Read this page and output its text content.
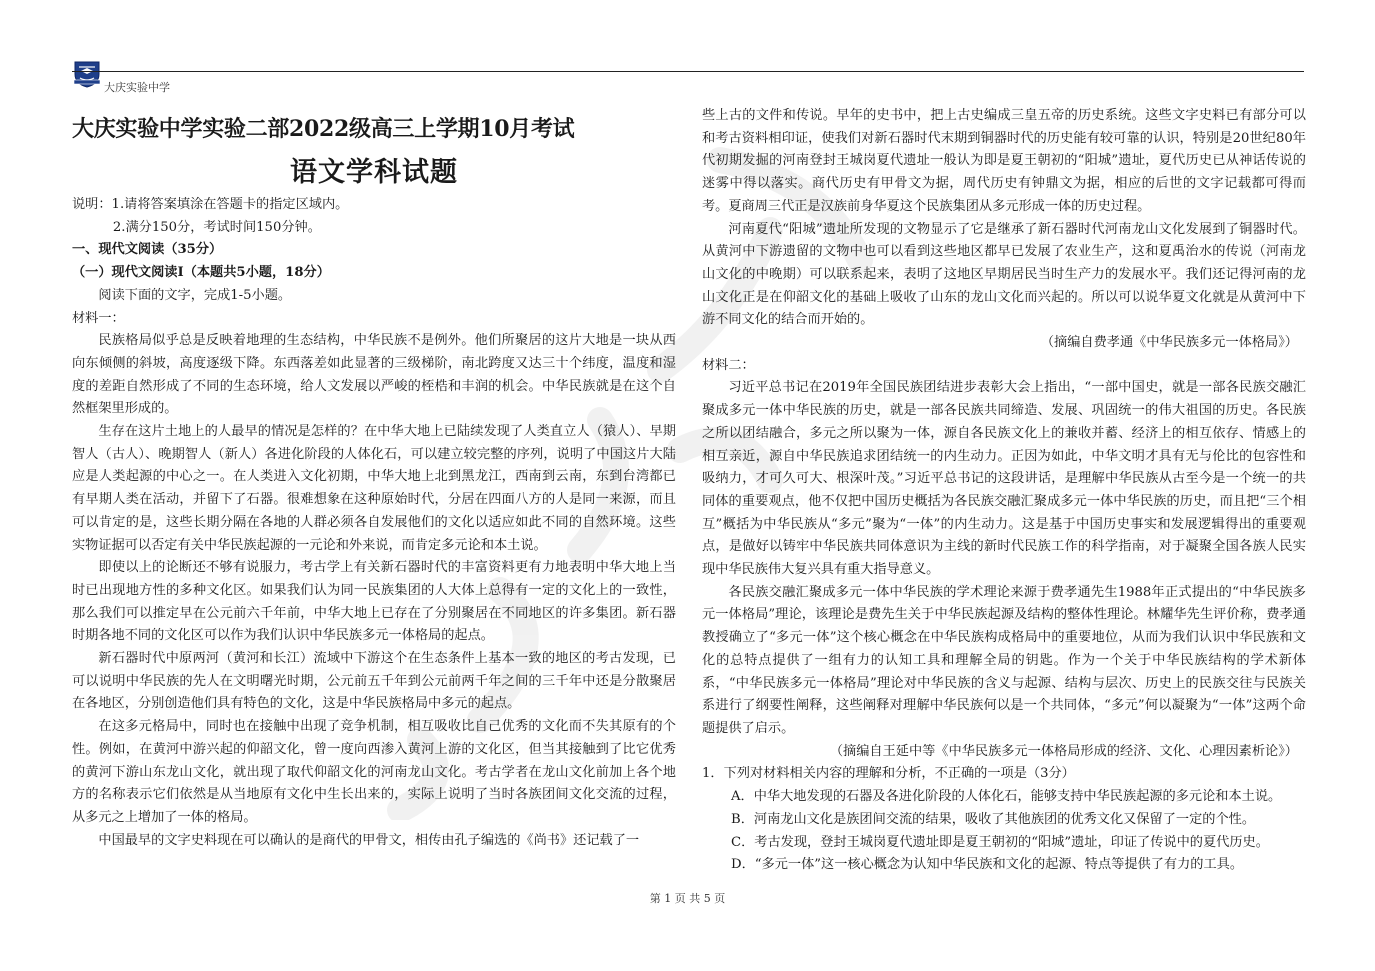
大庆实验中学
大庆实验中学实验二部2022级高三上学期10月考试
语文学科试题

说明：1.请将答案填涂在答题卡的指定区域内。

2.满分150分，考试时间150分钟。

一、现代文阅读（35分）

（一）现代文阅读Ⅰ（本题共5小题，18分）

阅读下面的文字，完成1-5小题。

材料一：

民族格局似乎总是反映着地理的生态结构，中华民族不是例外。他们所聚居的这片大地是一块从西向东倾侧的斜坡，高度逐级下降。东西落差如此显著的三级梯阶，南北跨度又达三十个纬度，温度和湿度的差距自然形成了不同的生态环境，给人文发展以严峻的桎梏和丰润的机会。中华民族就是在这个自然框架里形成的。

生存在这片土地上的人最早的情况是怎样的？在中华大地上已陆续发现了人类直立人（猿人）、早期智人（古人）、晚期智人（新人）各进化阶段的人体化石，可以建立较完整的序列，说明了中国这片大陆应是人类起源的中心之一。在人类进入文化初期，中华大地上北到黑龙江，西南到云南，东到台湾都已有早期人类在活动，并留下了石器。很难想象在这种原始时代，分居在四面八方的人是同一来源，而且可以肯定的是，这些长期分隔在各地的人群必须各自发展他们的文化以适应如此不同的自然环境。这些实物证据可以否定有关中华民族起源的一元论和外来说，而肯定多元论和本土说。

即使以上的论断还不够有说服力，考古学上有关新石器时代的丰富资料更有力地表明中华大地上当时已出现地方性的多种文化区。如果我们认为同一民族集团的人大体上总得有一定的文化上的一致性，那么我们可以推定早在公元前六千年前，中华大地上已存在了分别聚居在不同地区的许多集团。新石器时期各地不同的文化区可以作为我们认识中华民族多元一体格局的起点。

新石器时代中原两河（黄河和长江）流域中下游这个在生态条件上基本一致的地区的考古发现，已可以说明中华民族的先人在文明曙光时期，公元前五千年到公元前两千年之间的三千年中还是分散聚居在各地区，分别创造他们具有特色的文化，这是中华民族格局中多元的起点。

在这多元格局中，同时也在接触中出现了竞争机制，相互吸收比自己优秀的文化而不失其原有的个性。例如，在黄河中游兴起的仰韶文化，曾一度向西渗入黄河上游的文化区，但当其接触到了比它优秀的黄河下游山东龙山文化，就出现了取代仰韶文化的河南龙山文化。考古学者在龙山文化前加上各个地方的名称表示它们依然是从当地原有文化中生长出来的，实际上说明了当时各族团间文化交流的过程，从多元之上增加了一体的格局。

中国最早的文字史料现在可以确认的是商代的甲骨文，相传由孔子编选的《尚书》还记载了一

些上古的文件和传说。早年的史书中，把上古史编成三皇五帝的历史系统。这些文字史料已有部分可以和考古资料相印证，使我们对新石器时代末期到铜器时代的历史能有较可靠的认识，特别是20世纪80年代初期发掘的河南登封王城岗夏代遗址一般认为即是夏王朝初的“阳城”遗址，夏代历史已从神话传说的迷雾中得以落实。商代历史有甲骨文为据，周代历史有钟鼎文为据，相应的后世的文字记载都可得而考。夏商周三代正是汉族前身华夏这个民族集团从多元形成一体的历史过程。

河南夏代“阳城”遗址所发现的文物显示了它是继承了新石器时代河南龙山文化发展到了铜器时代。从黄河中下游遗留的文物中也可以看到这些地区都早已发展了农业生产，这和夏禹治水的传说（河南龙山文化的中晚期）可以联系起来，表明了这地区早期居民当时生产力的发展水平。我们还记得河南的龙山文化正是在仰韶文化的基础上吸收了山东的龙山文化而兴起的。所以可以说华夏文化就是从黄河中下游不同文化的结合而开始的。

（摘编自费孝通《中华民族多元一体格局》）

材料二：

习近平总书记在2019年全国民族团结进步表彰大会上指出，“一部中国史，就是一部各民族交融汇聚成多元一体中华民族的历史，就是一部各民族共同缔造、发展、巩固统一的伟大祖国的历史。各民族之所以团结融合，多元之所以聚为一体，源自各民族文化上的兼收并蓄、经济上的相互依存、情感上的相互亲近，源自中华民族追求团结统一的内生动力。正因为如此，中华文明才具有无与伦比的包容性和吸纳力，才可久可大、根深叶茂。”习近平总书记的这段讲话，是理解中华民族从古至今是一个统一的共同体的重要观点，他不仅把中国历史概括为各民族交融汇聚成多元一体中华民族的历史，而且把“三个相互”概括为中华民族从“多元”聚为“一体”的内生动力。这是基于中国历史事实和发展逻辑得出的重要观点，是做好以铸牢中华民族共同体意识为主线的新时代民族工作的科学指南，对于凝聚全国各族人民实现中华民族伟大复兴具有重大指导意义。

各民族交融汇聚成多元一体中华民族的学术理论来源于费孝通先生1988年正式提出的“中华民族多元一体格局”理论，该理论是费先生关于中华民族起源及结构的整体性理论。林耀华先生评价称，费孝通教授确立了“多元一体”这个核心概念在中华民族构成格局中的重要地位，从而为我们认识中华民族和文化的总特点提供了一组有力的认知工具和理解全局的钥匙。作为一个关于中华民族结构的学术新体系，“中华民族多元一体格局”理论对中华民族的含义与起源、结构与层次、历史上的民族交往与民族关系进行了纲要性阐释，这些阐释对理解中华民族何以是一个共同体，“多元”何以凝聚为“一体”这两个命题提供了启示。

（摘编自王延中等《中华民族多元一体格局形成的经济、文化、心理因素析论》）

1．下列对材料相关内容的理解和分析，不正确的一项是（3分）

A．中华大地发现的石器及各进化阶段的人体化石，能够支持中华民族起源的多元论和本土说。

B．河南龙山文化是族团间交流的结果，吸收了其他族团的优秀文化又保留了一定的个性。

C．考古发现，登封王城岗夏代遗址即是夏王朝初的“阳城”遗址，印证了传说中的夏代历史。

D．“多元一体”这一核心概念为认知中华民族和文化的起源、特点等提供了有力的工具。

第 1 页 共 5 页
